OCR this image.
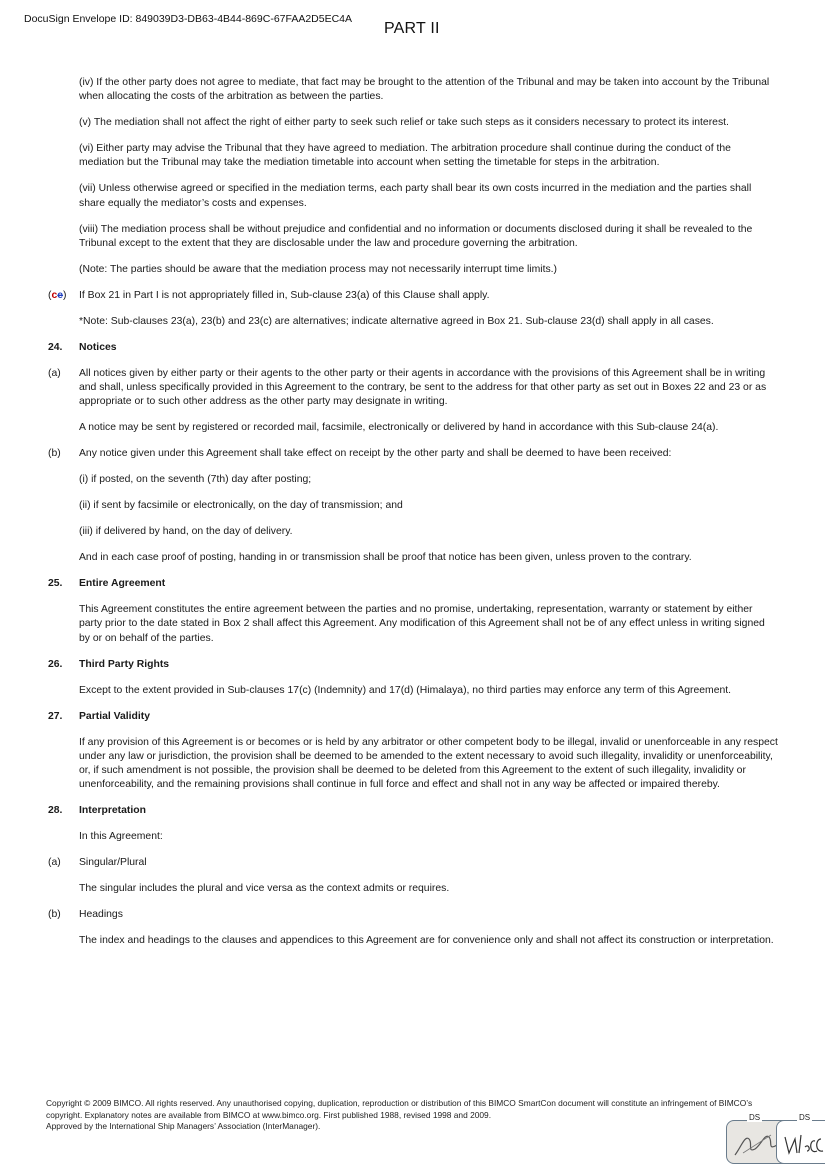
DocuSign Envelope ID: 849039D3-DB63-4B44-869C-67FAA2D5EC4A
PART II
(iv) If the other party does not agree to mediate, that fact may be brought to the attention of the Tribunal and may be taken into account by the Tribunal when allocating the costs of the arbitration as between the parties.
(v) The mediation shall not affect the right of either party to seek such relief or take such steps as it considers necessary to protect its interest.
(vi) Either party may advise the Tribunal that they have agreed to mediation. The arbitration procedure shall continue during the conduct of the mediation but the Tribunal may take the mediation timetable into account when setting the timetable for steps in the arbitration.
(vii) Unless otherwise agreed or specified in the mediation terms, each party shall bear its own costs incurred in the mediation and the parties shall share equally the mediator’s costs and expenses.
(viii) The mediation process shall be without prejudice and confidential and no information or documents disclosed during it shall be revealed to the Tribunal except to the extent that they are disclosable under the law and procedure governing the arbitration.
(Note: The parties should be aware that the mediation process may not necessarily interrupt time limits.)
(ce) If Box 21 in Part I is not appropriately filled in, Sub-clause 23(a) of this Clause shall apply.
*Note: Sub-clauses 23(a), 23(b) and 23(c) are alternatives; indicate alternative agreed in Box 21. Sub-clause 23(d) shall apply in all cases.
24. Notices
(a) All notices given by either party or their agents to the other party or their agents in accordance with the provisions of this Agreement shall be in writing and shall, unless specifically provided in this Agreement to the contrary, be sent to the address for that other party as set out in Boxes 22 and 23 or as appropriate or to such other address as the other party may designate in writing.
A notice may be sent by registered or recorded mail, facsimile, electronically or delivered by hand in accordance with this Sub-clause 24(a).
(b) Any notice given under this Agreement shall take effect on receipt by the other party and shall be deemed to have been received:
(i) if posted, on the seventh (7th) day after posting;
(ii) if sent by facsimile or electronically, on the day of transmission; and
(iii) if delivered by hand, on the day of delivery.
And in each case proof of posting, handing in or transmission shall be proof that notice has been given, unless proven to the contrary.
25. Entire Agreement
This Agreement constitutes the entire agreement between the parties and no promise, undertaking, representation, warranty or statement by either party prior to the date stated in Box 2 shall affect this Agreement. Any modification of this Agreement shall not be of any effect unless in writing signed by or on behalf of the parties.
26. Third Party Rights
Except to the extent provided in Sub-clauses 17(c) (Indemnity) and 17(d) (Himalaya), no third parties may enforce any term of this Agreement.
27. Partial Validity
If any provision of this Agreement is or becomes or is held by any arbitrator or other competent body to be illegal, invalid or unenforceable in any respect under any law or jurisdiction, the provision shall be deemed to be amended to the extent necessary to avoid such illegality, invalidity or unenforceability, or, if such amendment is not possible, the provision shall be deemed to be deleted from this Agreement to the extent of such illegality, invalidity or unenforceability, and the remaining provisions shall continue in full force and effect and shall not in any way be affected or impaired thereby.
28. Interpretation
In this Agreement:
(a) Singular/Plural
The singular includes the plural and vice versa as the context admits or requires.
(b) Headings
The index and headings to the clauses and appendices to this Agreement are for convenience only and shall not affect its construction or interpretation.
Copyright © 2009 BIMCO. All rights reserved. Any unauthorised copying, duplication, reproduction or distribution of this BIMCO SmartCon document will constitute an infringement of BIMCO’s copyright. Explanatory notes are available from BIMCO at www.bimco.org. First published 1988, revised 1998 and 2009.
Approved by the International Ship Managers’ Association (InterManager).
DS	DS
